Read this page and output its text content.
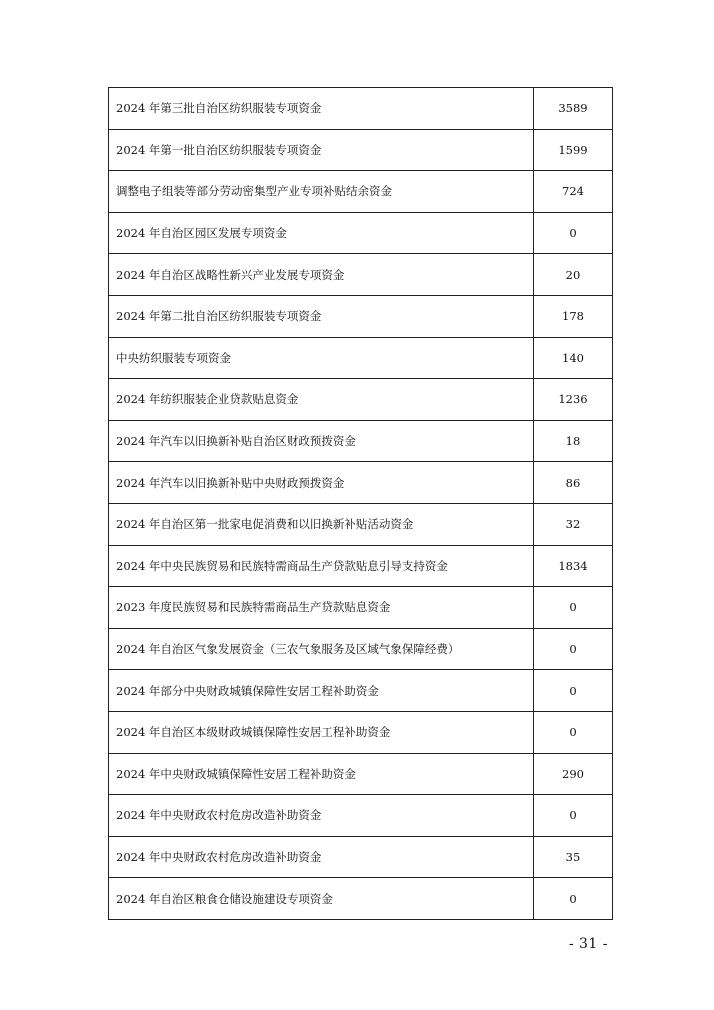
2024 年第三批自治区纺织服装专项资金	3589
2024 年第一批自治区纺织服装专项资金	1599
调整电子组装等部分劳动密集型产业专项补贴结余资金	724
2024 年自治区园区发展专项资金	0
2024 年自治区战略性新兴产业发展专项资金	20
2024 年第二批自治区纺织服装专项资金	178
中央纺织服装专项资金	140
2024 年纺织服装企业贷款贴息资金	1236
2024 年汽车以旧换新补贴自治区财政预拨资金	18
2024 年汽车以旧换新补贴中央财政预拨资金	86
2024 年自治区第一批家电促消费和以旧换新补贴活动资金	32
2024 年中央民族贸易和民族特需商品生产贷款贴息引导支持资金	1834
2023 年度民族贸易和民族特需商品生产贷款贴息资金	0
2024 年自治区气象发展资金（三农气象服务及区域气象保障经费）	0
2024 年部分中央财政城镇保障性安居工程补助资金	0
2024 年自治区本级财政城镇保障性安居工程补助资金	0
2024 年中央财政城镇保障性安居工程补助资金	290
2024 年中央财政农村危房改造补助资金	0
2024 年中央财政农村危房改造补助资金	35
2024 年自治区粮食仓储设施建设专项资金	0
- 31 -
